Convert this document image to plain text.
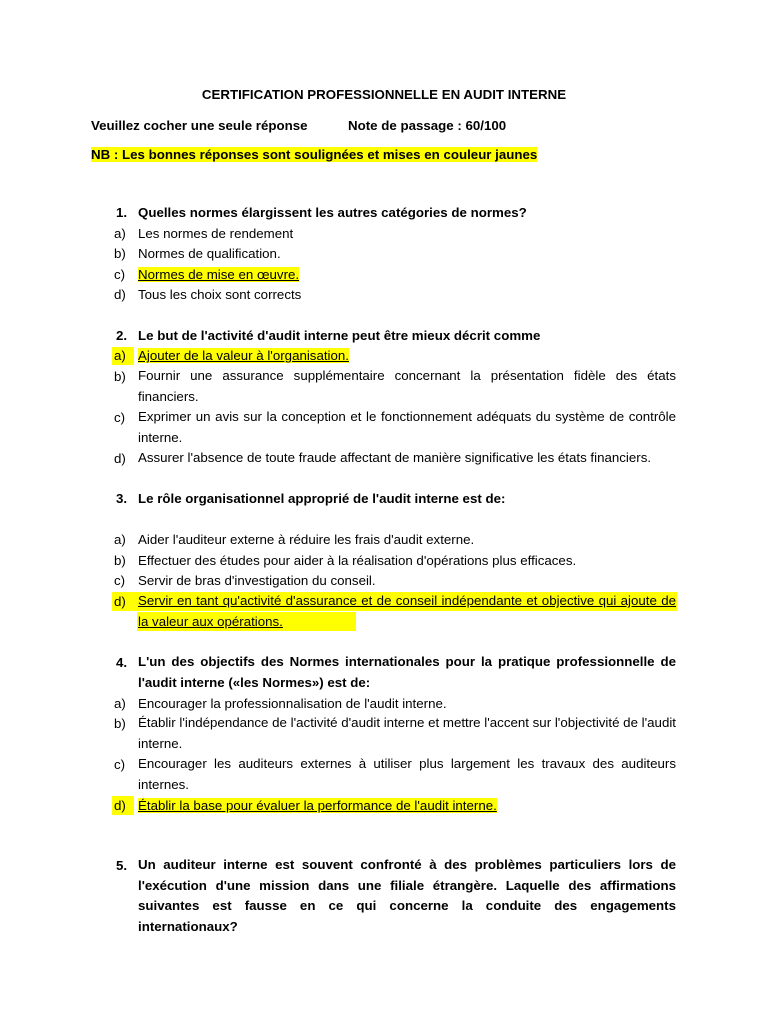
CERTIFICATION PROFESSIONNELLE EN AUDIT INTERNE
Veuillez cocher une seule réponse	Note de passage : 60/100
NB : Les bonnes réponses sont soulignées et mises en couleur jaunes
1. Quelles normes élargissent les autres catégories de normes?
a) Les normes de rendement
b) Normes de qualification.
c) Normes de mise en œuvre.
d) Tous les choix sont corrects
2. Le but de l'activité d'audit interne peut être mieux décrit comme
a) Ajouter de la valeur à l'organisation.
b) Fournir une assurance supplémentaire concernant la présentation fidèle des états financiers.
c) Exprimer un avis sur la conception et le fonctionnement adéquats du système de contrôle interne.
d) Assurer l'absence de toute fraude affectant de manière significative les états financiers.
3. Le rôle organisationnel approprié de l'audit interne est de:
a) Aider l'auditeur externe à réduire les frais d'audit externe.
b) Effectuer des études pour aider à la réalisation d'opérations plus efficaces.
c) Servir de bras d'investigation du conseil.
d) Servir en tant qu'activité d'assurance et de conseil indépendante et objective qui ajoute de la valeur aux opérations.
4. L'un des objectifs des Normes internationales pour la pratique professionnelle de l'audit interne («les Normes») est de:
a) Encourager la professionnalisation de l'audit interne.
b) Établir l'indépendance de l'activité d'audit interne et mettre l'accent sur l'objectivité de l'audit interne.
c) Encourager les auditeurs externes à utiliser plus largement les travaux des auditeurs internes.
d) Établir la base pour évaluer la performance de l'audit interne.
5. Un auditeur interne est souvent confronté à des problèmes particuliers lors de l'exécution d'une mission dans une filiale étrangère. Laquelle des affirmations suivantes est fausse en ce qui concerne la conduite des engagements internationaux?
